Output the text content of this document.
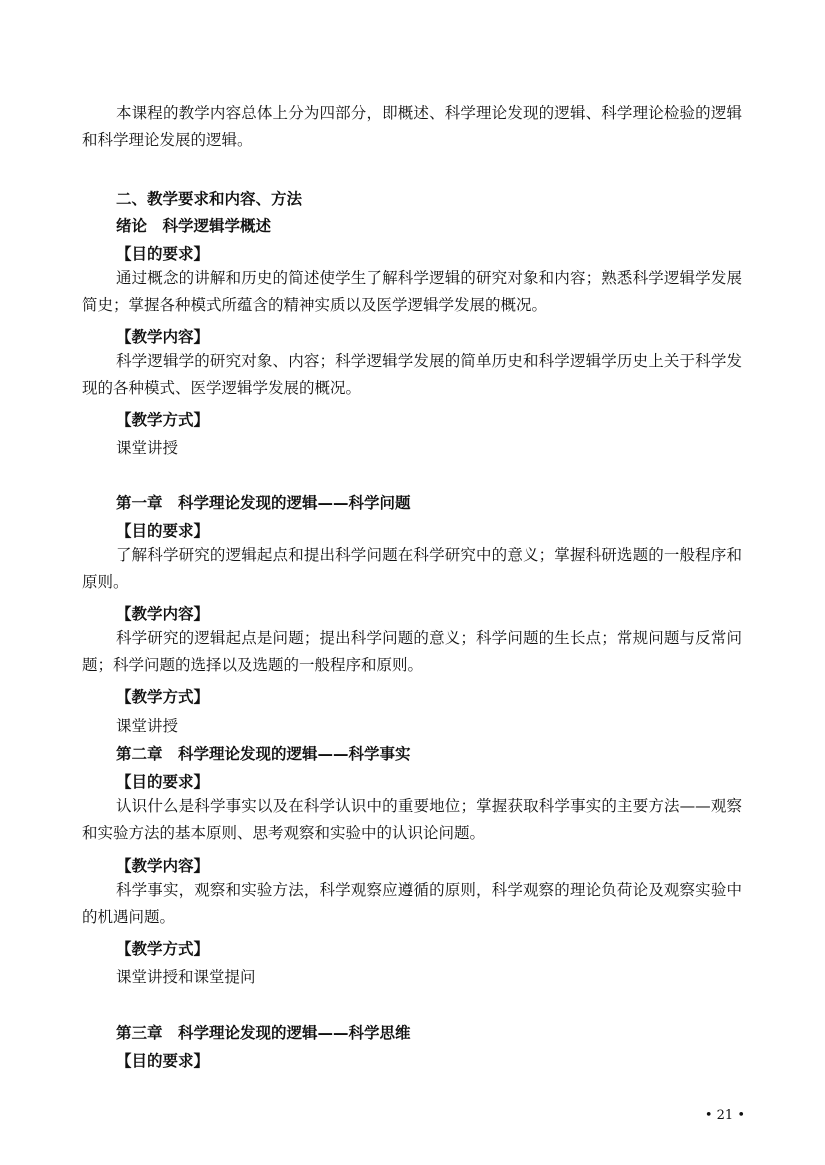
本课程的教学内容总体上分为四部分，即概述、科学理论发现的逻辑、科学理论检验的逻辑和科学理论发展的逻辑。
二、教学要求和内容、方法
绪论　科学逻辑学概述
【目的要求】
通过概念的讲解和历史的简述使学生了解科学逻辑的研究对象和内容；熟悉科学逻辑学发展简史；掌握各种模式所蕴含的精神实质以及医学逻辑学发展的概况。
【教学内容】
科学逻辑学的研究对象、内容；科学逻辑学发展的简单历史和科学逻辑学历史上关于科学发现的各种模式、医学逻辑学发展的概况。
【教学方式】
课堂讲授
第一章　科学理论发现的逻辑——科学问题
【目的要求】
了解科学研究的逻辑起点和提出科学问题在科学研究中的意义；掌握科研选题的一般程序和原则。
【教学内容】
科学研究的逻辑起点是问题；提出科学问题的意义；科学问题的生长点；常规问题与反常问题；科学问题的选择以及选题的一般程序和原则。
【教学方式】
课堂讲授
第二章　科学理论发现的逻辑——科学事实
【目的要求】
认识什么是科学事实以及在科学认识中的重要地位；掌握获取科学事实的主要方法——观察和实验方法的基本原则、思考观察和实验中的认识论问题。
【教学内容】
科学事实，观察和实验方法，科学观察应遵循的原则，科学观察的理论负荷论及观察实验中的机遇问题。
【教学方式】
课堂讲授和课堂提问
第三章　科学理论发现的逻辑——科学思维
【目的要求】
• 21 •
